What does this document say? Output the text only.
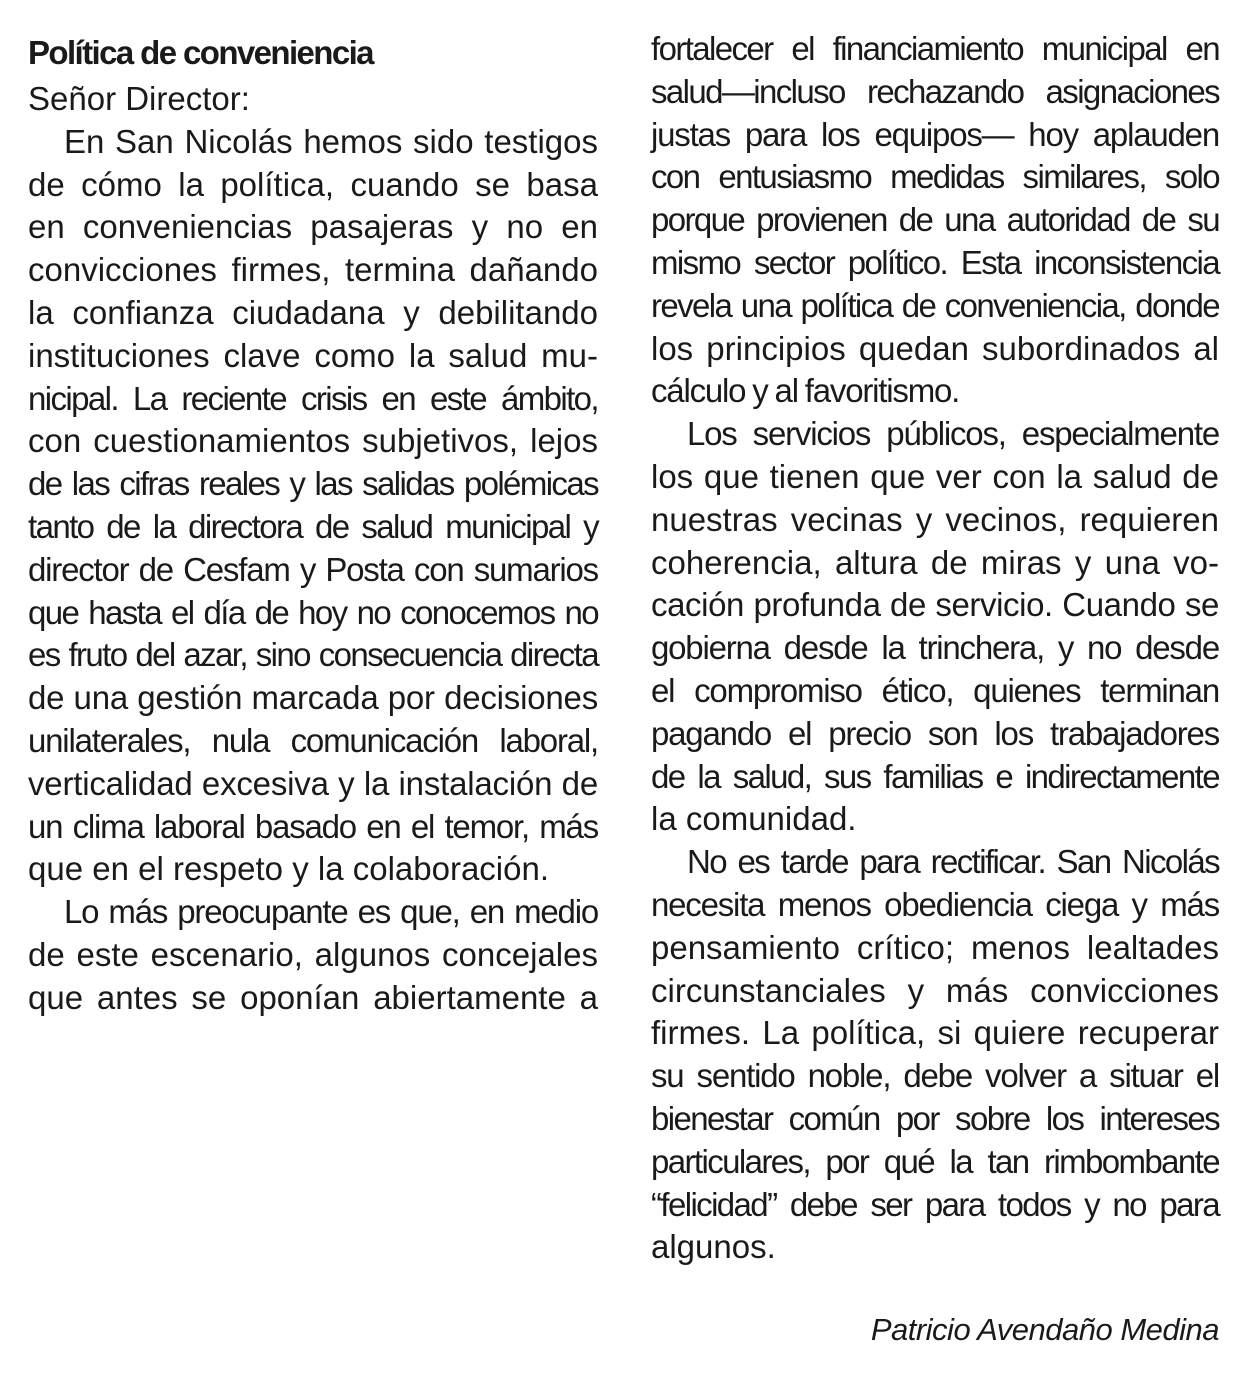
Política de conveniencia
Señor Director:
En San Nicolás hemos sido testigos
de cómo la política, cuando se basa
en conveniencias pasajeras y no en
convicciones firmes, termina dañando
la confianza ciudadana y debilitando
instituciones clave como la salud mu-
nicipal. La reciente crisis en este ámbito,
con cuestionamientos subjetivos, lejos
de las cifras reales y las salidas polémicas
tanto de la directora de salud municipal y
director de Cesfam y Posta con sumarios
que hasta el día de hoy no conocemos no
es fruto del azar, sino consecuencia directa
de una gestión marcada por decisiones
unilaterales, nula comunicación laboral,
verticalidad excesiva y la instalación de
un clima laboral basado en el temor, más
que en el respeto y la colaboración.
Lo más preocupante es que, en medio
de este escenario, algunos concejales
que antes se oponían abiertamente a
fortalecer el financiamiento municipal en
salud—incluso rechazando asignaciones
justas para los equipos— hoy aplauden
con entusiasmo medidas similares, solo
porque provienen de una autoridad de su
mismo sector político. Esta inconsistencia
revela una política de conveniencia, donde
los principios quedan subordinados al
cálculo y al favoritismo.
Los servicios públicos, especialmente
los que tienen que ver con la salud de
nuestras vecinas y vecinos, requieren
coherencia, altura de miras y una vo-
cación profunda de servicio. Cuando se
gobierna desde la trinchera, y no desde
el compromiso ético, quienes terminan
pagando el precio son los trabajadores
de la salud, sus familias e indirectamente
la comunidad.
No es tarde para rectificar. San Nicolás
necesita menos obediencia ciega y más
pensamiento crítico; menos lealtades
circunstanciales y más convicciones
firmes. La política, si quiere recuperar
su sentido noble, debe volver a situar el
bienestar común por sobre los intereses
particulares, por qué la tan rimbombante
“felicidad” debe ser para todos y no para
algunos.
Patricio Avendaño Medina
